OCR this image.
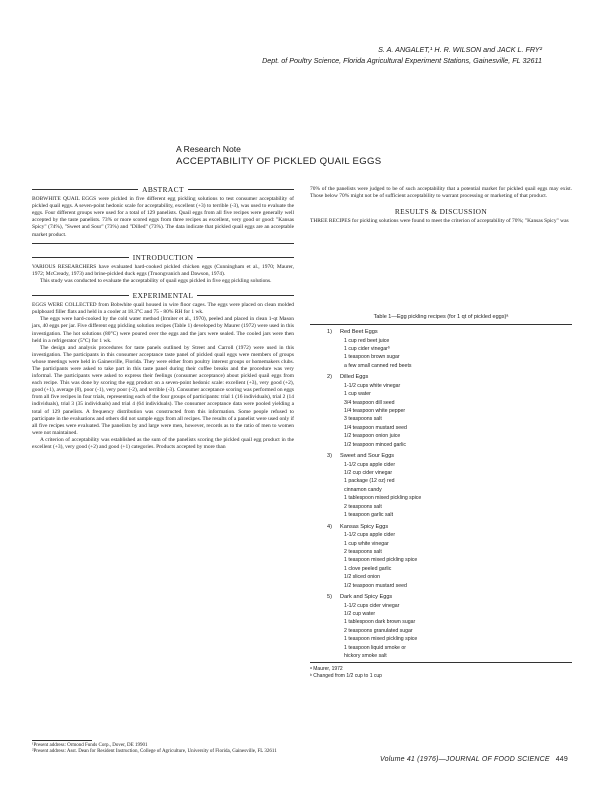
S. A. ANGALET,¹ H. R. WILSON and JACK L. FRY²
Dept. of Poultry Science, Florida Agricultural Experiment Stations, Gainesville, FL 32611
A Research Note
ACCEPTABILITY OF PICKLED QUAIL EGGS

ABSTRACT

BOBWHITE QUAIL EGGS were pickled in five different egg pickling solutions to test consumer acceptability of pickled quail eggs. A seven-point hedonic scale for acceptability, excellent (+3) to terrible (-3), was used to evaluate the eggs. Four different groups were used for a total of 129 panelists. Quail eggs from all five recipes were generally well accepted by the taste panelists. 73% or more scored eggs from three recipes as excellent, very good or good: "Kansas Spicy" (74%), "Sweet and Sour" (73%) and "Dilled" (73%). The data indicate that pickled quail eggs are an acceptable market product.

INTRODUCTION

VARIOUS RESEARCHERS have evaluated hard-cooked pickled chicken eggs (Cunningham et al., 1970; Maurer, 1972; McCready, 1973) and brine-pickled duck eggs (Truongvanich and Dawson, 1974).

This study was conducted to evaluate the acceptability of quail eggs pickled in five egg pickling solutions.

EXPERIMENTAL

EGGS WERE COLLECTED from Bobwhite quail housed in wire floor cages. The eggs were placed on clean molded pulpboard filler flats and held in a cooler at 18.3°C and 75 - 80% RH for 1 wk.

The eggs were hard-cooked by the cold water method (Irmiter et al., 1970), peeled and placed in clean 1-qt Mason jars, 40 eggs per jar. Five different egg pickling solution recipes (Table 1) developed by Maurer (1972) were used in this investigation. The hot solutions (80°C) were poured over the eggs and the jars were sealed. The cooled jars were then held in a refrigerator (5°C) for 1 wk.

The design and analysis procedures for taste panels outlined by Street and Carroll (1972) were used in this investigation. The participants in this consumer acceptance taste panel of pickled quail eggs were members of groups whose meetings were held in Gainesville, Florida. They were either from poultry interest groups or homemakers clubs. The participants were asked to take part in this taste panel during their coffee breaks and the procedure was very informal. The participants were asked to express their feelings (consumer acceptance) about pickled quail eggs from each recipe. This was done by scoring the egg product on a seven-point hedonic scale: excellent (+3), very good (+2), good (+1), average (0), poor (-1), very poor (-2), and terrible (-3). Consumer acceptance scoring was performed on eggs from all five recipes in four trials, representing each of the four groups of participants: trial 1 (16 individuals), trial 2 (14 individuals), trial 3 (35 individuals) and trial 4 (64 individuals). The consumer acceptance data were pooled yielding a total of 129 panelists. A frequency distribution was constructed from this information. Some people refused to participate in the evaluations and others did not sample eggs from all recipes. The results of a panelist were used only if all five recipes were evaluated. The panelists by and large were men, however, records as to the ratio of men to women were not maintained.

A criterion of acceptability was established as the sum of the panelists scoring the pickled quail egg product in the excellent (+3), very good (+2) and good (+1) categories. Products accepted by more than

¹Present address: Ormond Funds Corp., Dover, DE 19901

²Present address: Asst. Dean for Resident Instruction, College of Agriculture, University of Florida, Gainesville, FL 32611

70% of the panelists were judged to be of such acceptability that a potential market for pickled quail eggs may exist. Those below 70% might not be of sufficient acceptability to warrant processing or marketing of that product.

RESULTS & DISCUSSION

THREE RECIPES for pickling solutions were found to meet the criterion of acceptability of 70%; "Kansas Spicy" was

Table 1—Egg pickling recipes (for 1 qt of pickled eggs)ᵃ
1)	Red Beet Eggs
1 cup red beet juice
1 cup cider vinegarᵇ
1 teaspoon brown sugar
a few small canned red beets
2)	Dilled Eggs
1-1/2 cups white vinegar
1 cup water
3/4 teaspoon dill seed
1/4 teaspoon white pepper
3 teaspoons salt
1/4 teaspoon mustard seed
1/2 teaspoon onion juice
1/2 teaspoon minced garlic
3)	Sweet and Sour Eggs
1-1/2 cups apple cider
1/2 cup cider vinegar
1 package (12 oz) red
cinnamon candy
1 tablespoon mixed pickling spice
2 teaspoons salt
1 teaspoon garlic salt
4)	Kansas Spicy Eggs
1-1/2 cups apple cider
1 cup white vinegar
2 teaspoons salt
1 teaspoon mixed pickling spice
1 clove peeled garlic
1/2 sliced onion
1/2 teaspoon mustard seed
5)	Dark and Spicy Eggs
1-1/2 cups cider vinegar
1/2 cup water
1 tablespoon dark brown sugar
2 teaspoons granulated sugar
1 teaspoon mixed pickling spice
1 teaspoon liquid smoke or
hickory smoke salt
ᵃ Maurer, 1972
ᵇ Changed from 1/2 cup to 1 cup
Volume 41 (1976)—JOURNAL OF FOOD SCIENCE 449
